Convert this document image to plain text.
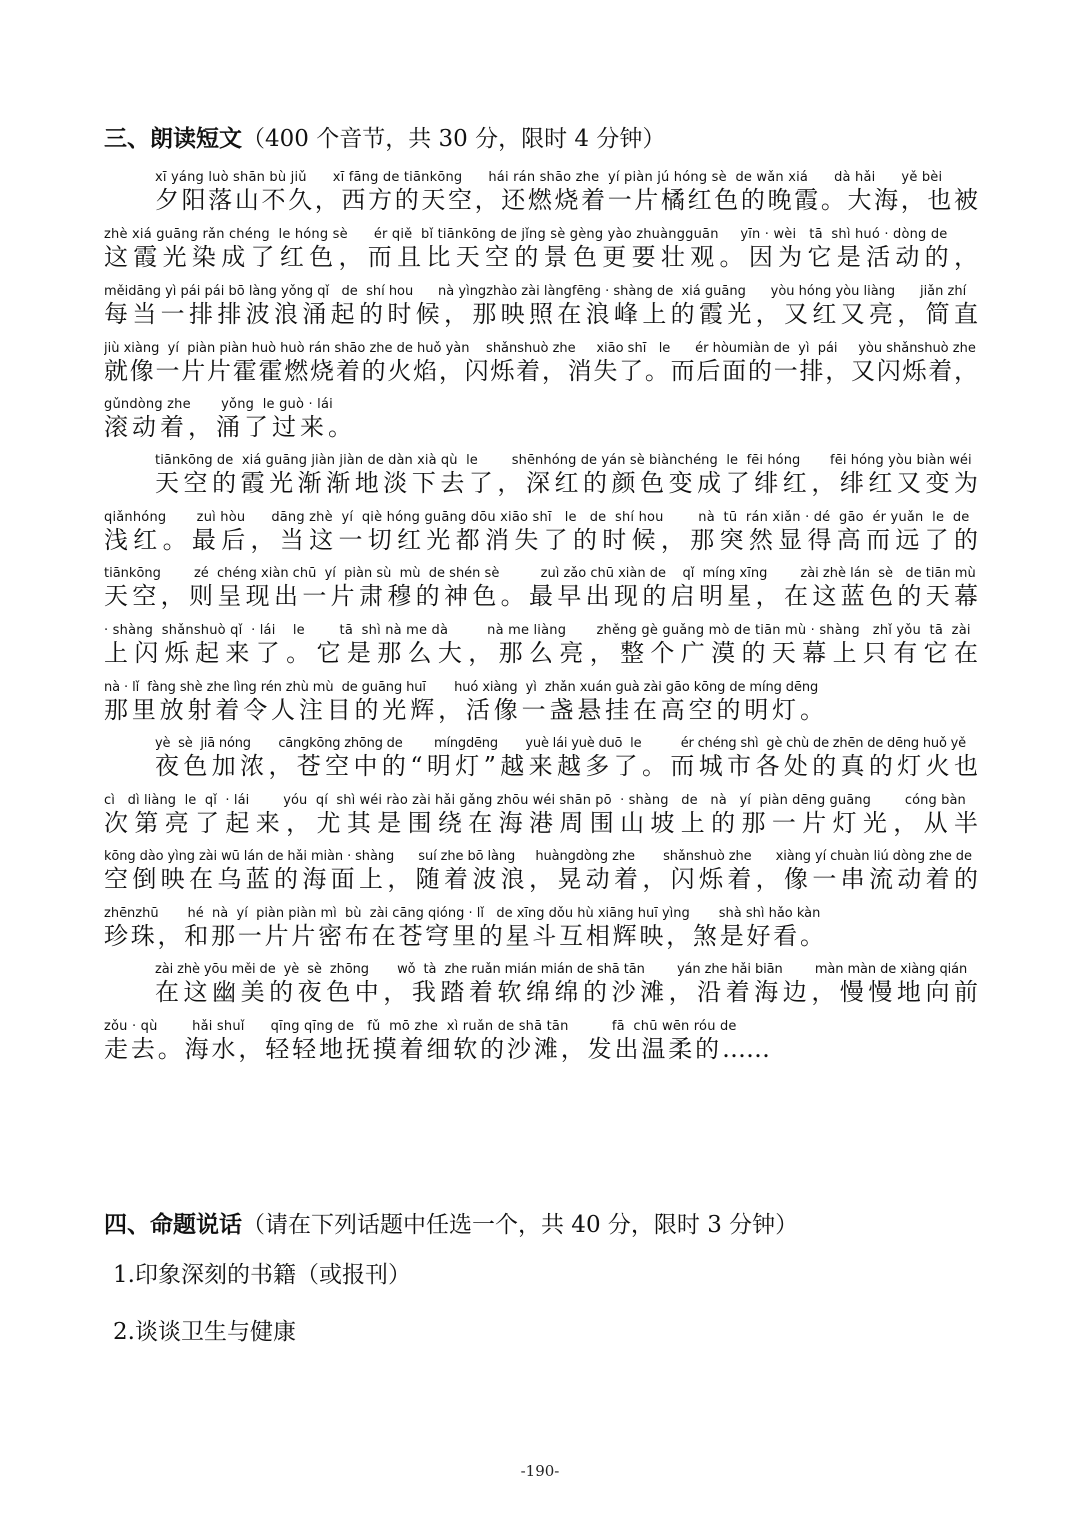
三、朗读短文（400 个音节，共 30 分，限时 4 分钟）
xī yáng luò shān bù jiǔ      xī fāng de tiānkōng      hái rán shāo zhe  yí piàn jú hóng sè  de wǎn xiá      dà hǎi      yě bèi
夕阳落山不久，西方的天空，还燃烧着一片橘红色的晚霞。大海，也被
zhè xiá guāng rǎn chéng  le hóng sè      ér qiě  bǐ tiānkōng de jǐng sè gèng yào zhuàngguān     yīn · wèi   tā  shì huó · dòng de
这霞光染成了红色，而且比天空的景色更要壮观。因为它是活动的，
měidāng yì pái pái bō làng yǒng qǐ   de  shí hou      nà yìngzhào zài làngfēng · shàng de  xiá guāng      yòu hóng yòu liàng      jiǎn zhí
每当一排排波浪涌起的时候，那映照在浪峰上的霞光，又红又亮，简直
jiù xiàng  yí  piàn piàn huò huò rán shāo zhe de huǒ yàn    shǎnshuò zhe     xiāo shī   le      ér hòumiàn de  yì  pái     yòu shǎnshuò zhe
就像一片片霍霍燃烧着的火焰，闪烁着，消失了。而后面的一排，又闪烁着，
gǔndòng zhe       yǒng  le guò · lái
滚动着，涌了过来。
tiānkōng de  xiá guāng jiàn jiàn de dàn xià qù  le        shēnhóng de yán sè biànchéng  le  fēi hóng       fēi hóng yòu biàn wéi
天空的霞光渐渐地淡下去了，深红的颜色变成了绯红，绯红又变为
qiǎnhóng       zuì hòu      dāng zhè  yí  qiè hóng guāng dōu xiāo shī   le   de  shí hou        nà  tū  rán xiǎn · dé  gāo  ér yuǎn  le  de
浅红。最后，当这一切红光都消失了的时候，那突然显得高而远了的
tiānkōng        zé  chéng xiàn chū  yí  piàn sù  mù  de shén sè          zuì zǎo chū xiàn de    qǐ  míng xīng        zài zhè lán  sè   de tiān mù
天空，则呈现出一片肃穆的神色。最早出现的启明星，在这蓝色的天幕
· shàng  shǎnshuò qǐ  · lái    le        tā  shì nà me dà         nà me liàng       zhěng gè guǎng mò de tiān mù · shàng   zhǐ yǒu  tā  zài
上闪烁起来了。它是那么大，那么亮，整个广漠的天幕上只有它在
nà · lǐ  fàng shè zhe lìng rén zhù mù  de guāng huī       huó xiàng  yì  zhǎn xuán guà zài gāo kōng de míng dēng
那里放射着令人注目的光辉，活像一盏悬挂在高空的明灯。
yè  sè  jiā nóng       cāngkōng zhōng de        míngdēng       yuè lái yuè duō  le          ér chéng shì  gè chù de zhēn de dēng huǒ yě
夜色加浓，苍空中的“明灯”越来越多了。而城市各处的真的灯火也
cì   dì liàng  le  qǐ  · lái        yóu  qí  shì wéi rào zài hǎi gǎng zhōu wéi shān pō  · shàng   de   nà   yí  piàn dēng guāng        cóng bàn
次第亮了起来，尤其是围绕在海港周围山坡上的那一片灯光，从半
kōng dào yìng zài wū lán de hǎi miàn · shàng      suí zhe bō làng     huàngdòng zhe       shǎnshuò zhe      xiàng yí chuàn liú dòng zhe de
空倒映在乌蓝的海面上，随着波浪，晃动着，闪烁着，像一串流动着的
zhēnzhū       hé  nà  yí  piàn piàn mì  bù  zài cāng qióng · lǐ   de xīng dǒu hù xiāng huī yìng       shà shì hǎo kàn
珍珠，和那一片片密布在苍穹里的星斗互相辉映，煞是好看。
zài zhè yōu měi de  yè  sè  zhōng       wǒ  tà  zhe ruǎn mián mián de shā tān        yán zhe hǎi biān        màn màn de xiàng qián
在这幽美的夜色中，我踏着软绵绵的沙滩，沿着海边，慢慢地向前
zǒu · qù        hǎi shuǐ      qīng qīng de   fǔ  mō zhe  xì ruǎn de shā tān          fā  chū wēn róu de
走去。海水，轻轻地抚摸着细软的沙滩，发出温柔的……
四、命题说话（请在下列话题中任选一个，共 40 分，限时 3 分钟）

1.印象深刻的书籍（或报刊）

2.谈谈卫生与健康

-190-
